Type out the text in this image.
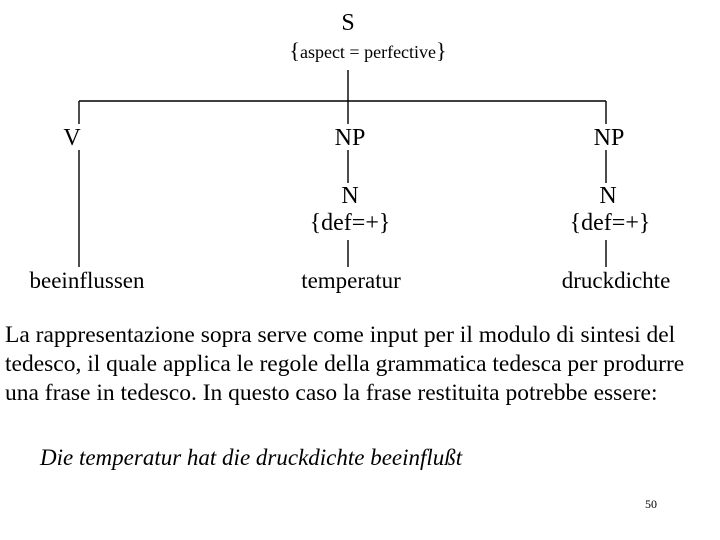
S
{aspect = perfective}
V
beeinflussen
NP
N
{def=+}
temperatur
NP
N
{def=+}
druckdichte

La rappresentazione sopra serve come input per il modulo di sintesi del
tedesco, il quale applica le regole della grammatica tedesca per produrre
una frase in tedesco. In questo caso la frase restituita potrebbe essere:

Die temperatur hat die druckdichte beeinflußt

50
